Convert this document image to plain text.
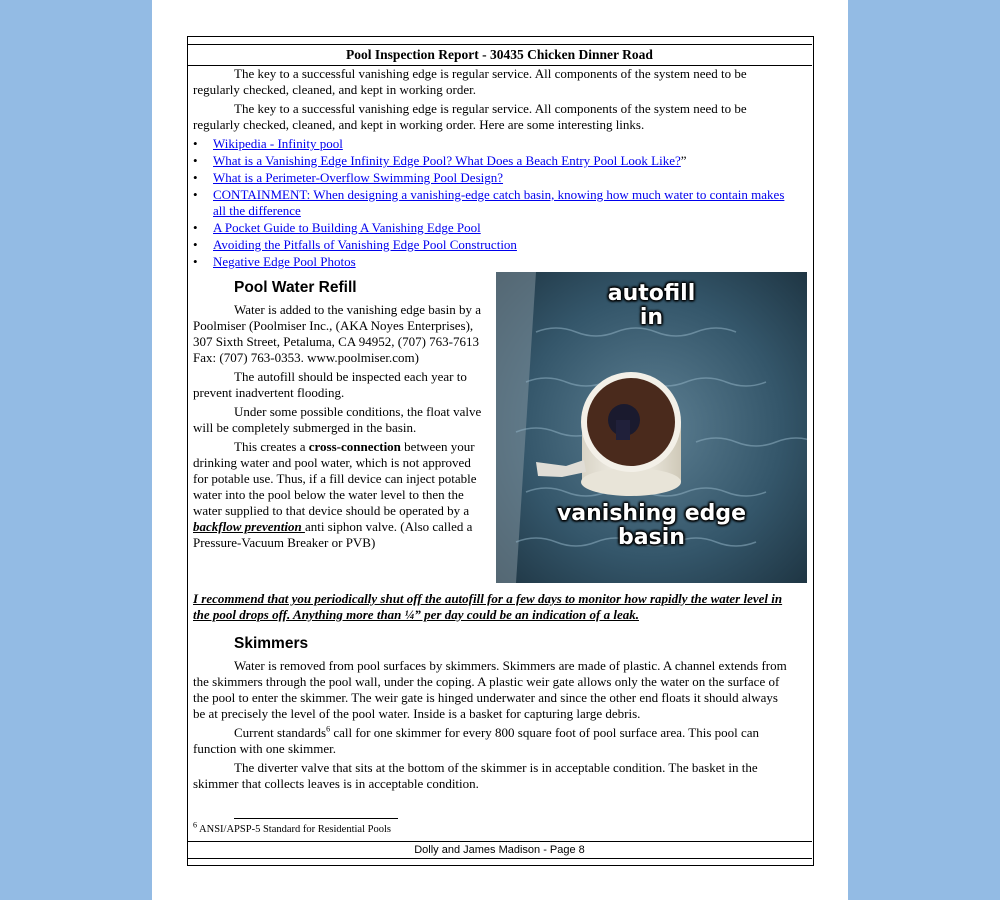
Pool Inspection Report - 30435 Chicken Dinner Road

The key to a successful vanishing edge is regular service. All components of the system need to be regularly checked, cleaned, and kept in working order.

The key to a successful vanishing edge is regular service. All components of the system need to be regularly checked, cleaned, and kept in working order. Here are some interesting links.

• Wikipedia - Infinity pool
• What is a Vanishing Edge Infinity Edge Pool? What Does a Beach Entry Pool Look Like?”
• What is a Perimeter-Overflow Swimming Pool Design?
• CONTAINMENT: When designing a vanishing-edge catch basin, knowing how much water to contain makes all the difference
• A Pocket Guide to Building A Vanishing Edge Pool
• Avoiding the Pitfalls of Vanishing Edge Pool Construction
• Negative Edge Pool Photos
Pool Water Refill

Water is added to the vanishing edge basin by a Poolmiser (Poolmiser Inc., (AKA Noyes Enterprises), 307 Sixth Street, Petaluma, CA 94952, (707) 763-7613 Fax: (707) 763-0353. www.poolmiser.com)

The autofill should be inspected each year to prevent inadvertent flooding.

Under some possible conditions, the float valve will be completely submerged in the basin.

This creates a cross-connection between your drinking water and pool water, which is not approved for potable use. Thus, if a fill device can inject potable water into the pool below the water level to then the water supplied to that device should be operated by a backflow prevention anti siphon valve. (Also called a Pressure-Vacuum Breaker or PVB)

autofill
in
vanishing edge
basin
I recommend that you periodically shut off the autofill for a few days to monitor how rapidly the water level in the pool drops off. Anything more than ¼” per day could be an indication of a leak.
Skimmers

Water is removed from pool surfaces by skimmers. Skimmers are made of plastic. A channel extends from the skimmers through the pool wall, under the coping. A plastic weir gate allows only the water on the surface of the pool to enter the skimmer. The weir gate is hinged underwater and since the other end floats it should always be at precisely the level of the pool water. Inside is a basket for capturing large debris.

Current standards$^6$ call for one skimmer for every 800 square foot of pool surface area. This pool can function with one skimmer.

The diverter valve that sits at the bottom of the skimmer is in acceptable condition. The basket in the skimmer that collects leaves is in acceptable condition.

$^6$ ANSI/APSP-5 Standard for Residential Pools
Dolly and James Madison - Page 8
